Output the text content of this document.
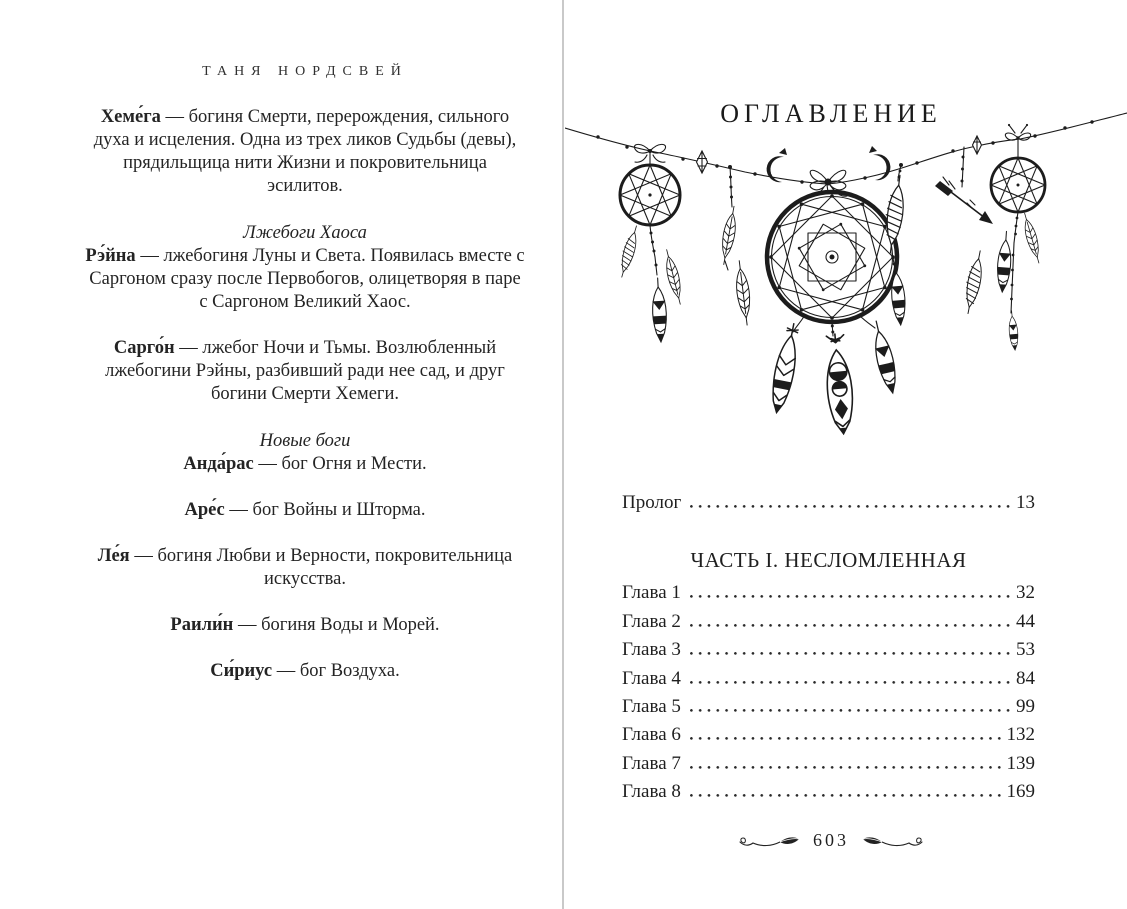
ТАНЯ НОРДСВЕЙ

Хеме́га — богиня Смерти, перерождения, сильного духа и исцеления. Одна из трех ликов Судьбы (девы), прядильщица нити Жизни и покровительница эсилитов.

Лжебоги Хаоса

Рэ́йна — лжебогиня Луны и Света. Появилась вместе с Саргоном сразу после Первобогов, олицетворяя в паре с Саргоном Великий Хаос.

Сарго́н — лжебог Ночи и Тьмы. Возлюбленный лжебогини Рэйны, разбивший ради нее сад, и друг богини Смерти Хемеги.

Новые боги

Анда́рас — бог Огня и Мести.

Аре́с — бог Войны и Шторма.

Ле́я — богиня Любви и Верности, покровительница искусства.

Раили́н — богиня Воды и Морей.

Си́риус — бог Воздуха.

ОГЛАВЛЕНИЕ
Пролог	13
ЧАСТЬ I. НЕСЛОМЛЕННАЯ
Глава 1	32
Глава 2	44
Глава 3	53
Глава 4	84
Глава 5	99
Глава 6	132
Глава 7	139
Глава 8	169
603
